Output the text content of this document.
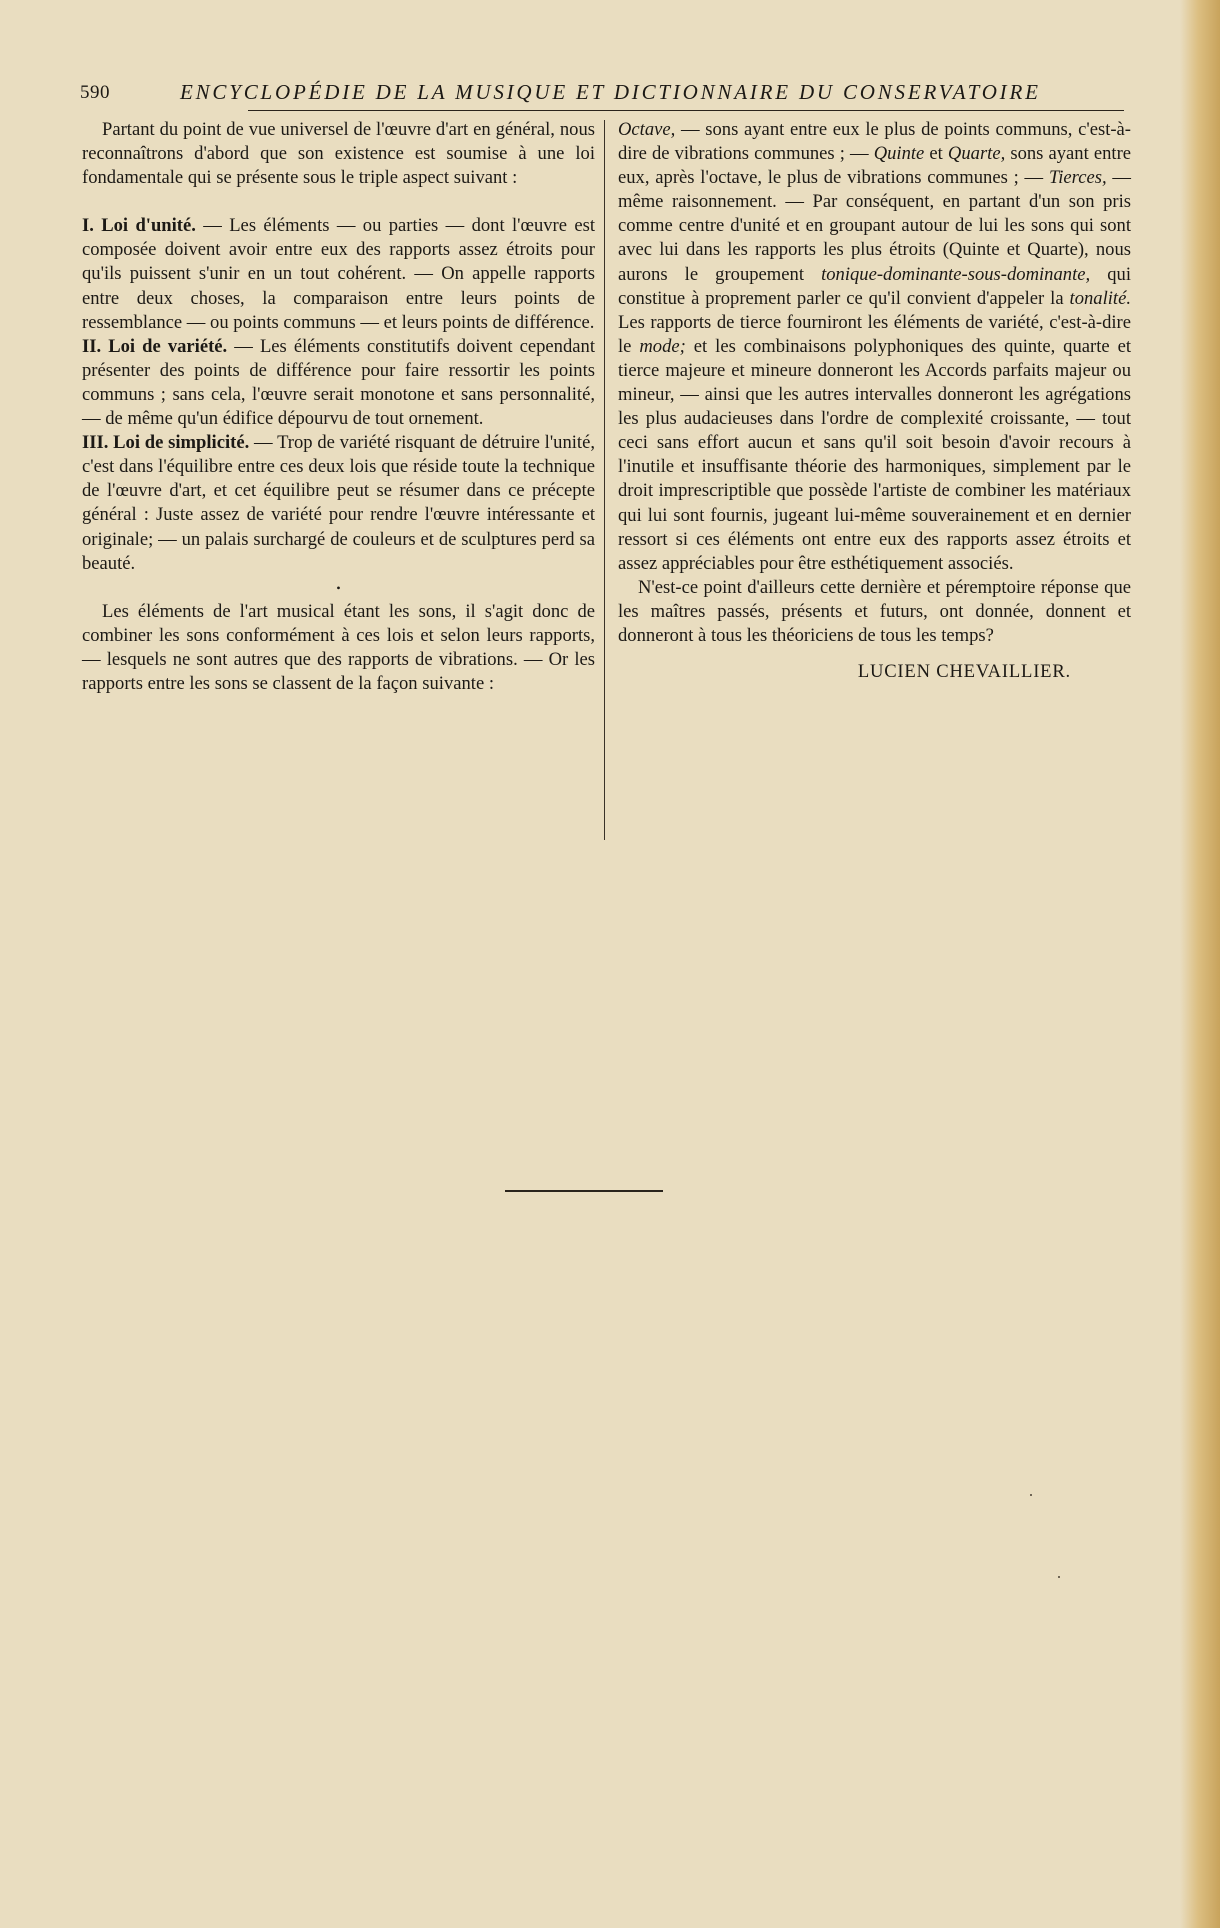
590	ENCYCLOPÉDIE DE LA MUSIQUE ET DICTIONNAIRE DU CONSERVATOIRE

Partant du point de vue universel de l'œuvre d'art en général, nous reconnaîtrons d'abord que son existence est soumise à une loi fondamentale qui se présente sous le triple aspect suivant :

I. Loi d'unité. — Les éléments — ou parties — dont l'œuvre est composée doivent avoir entre eux des rapports assez étroits pour qu'ils puissent s'unir en un tout cohérent. — On appelle rapports entre deux choses, la comparaison entre leurs points de ressemblance — ou points communs — et leurs points de différence.

II. Loi de variété. — Les éléments constitutifs doivent cependant présenter des points de différence pour faire ressortir les points communs ; sans cela, l'œuvre serait monotone et sans personnalité, — de même qu'un édifice dépourvu de tout ornement.

III. Loi de simplicité. — Trop de variété risquant de détruire l'unité, c'est dans l'équilibre entre ces deux lois que réside toute la technique de l'œuvre d'art, et cet équilibre peut se résumer dans ce précepte général : Juste assez de variété pour rendre l'œuvre intéressante et originale; — un palais surchargé de couleurs et de sculptures perd sa beauté.

•

Les éléments de l'art musical étant les sons, il s'agit donc de combiner les sons conformément à ces lois et selon leurs rapports, — lesquels ne sont autres que des rapports de vibrations. — Or les rapports entre les sons se classent de la façon suivante :

Octave, — sons ayant entre eux le plus de points communs, c'est-à-dire de vibrations communes ; — Quinte et Quarte, sons ayant entre eux, après l'octave, le plus de vibrations communes ; — Tierces, — même raisonnement. — Par conséquent, en partant d'un son pris comme centre d'unité et en groupant autour de lui les sons qui sont avec lui dans les rapports les plus étroits (Quinte et Quarte), nous aurons le groupement tonique-dominante-sous-dominante, qui constitue à proprement parler ce qu'il convient d'appeler la tonalité. Les rapports de tierce fourniront les éléments de variété, c'est-à-dire le mode; et les combinaisons polyphoniques des quinte, quarte et tierce majeure et mineure donneront les Accords parfaits majeur ou mineur, — ainsi que les autres intervalles donneront les agrégations les plus audacieuses dans l'ordre de complexité croissante, — tout ceci sans effort aucun et sans qu'il soit besoin d'avoir recours à l'inutile et insuffisante théorie des harmoniques, simplement par le droit imprescriptible que possède l'artiste de combiner les matériaux qui lui sont fournis, jugeant lui-même souverainement et en dernier ressort si ces éléments ont entre eux des rapports assez étroits et assez appréciables pour être esthétiquement associés.

N'est-ce point d'ailleurs cette dernière et péremptoire réponse que les maîtres passés, présents et futurs, ont donnée, donnent et donneront à tous les théoriciens de tous les temps?

LUCIEN CHEVAILLIER.
